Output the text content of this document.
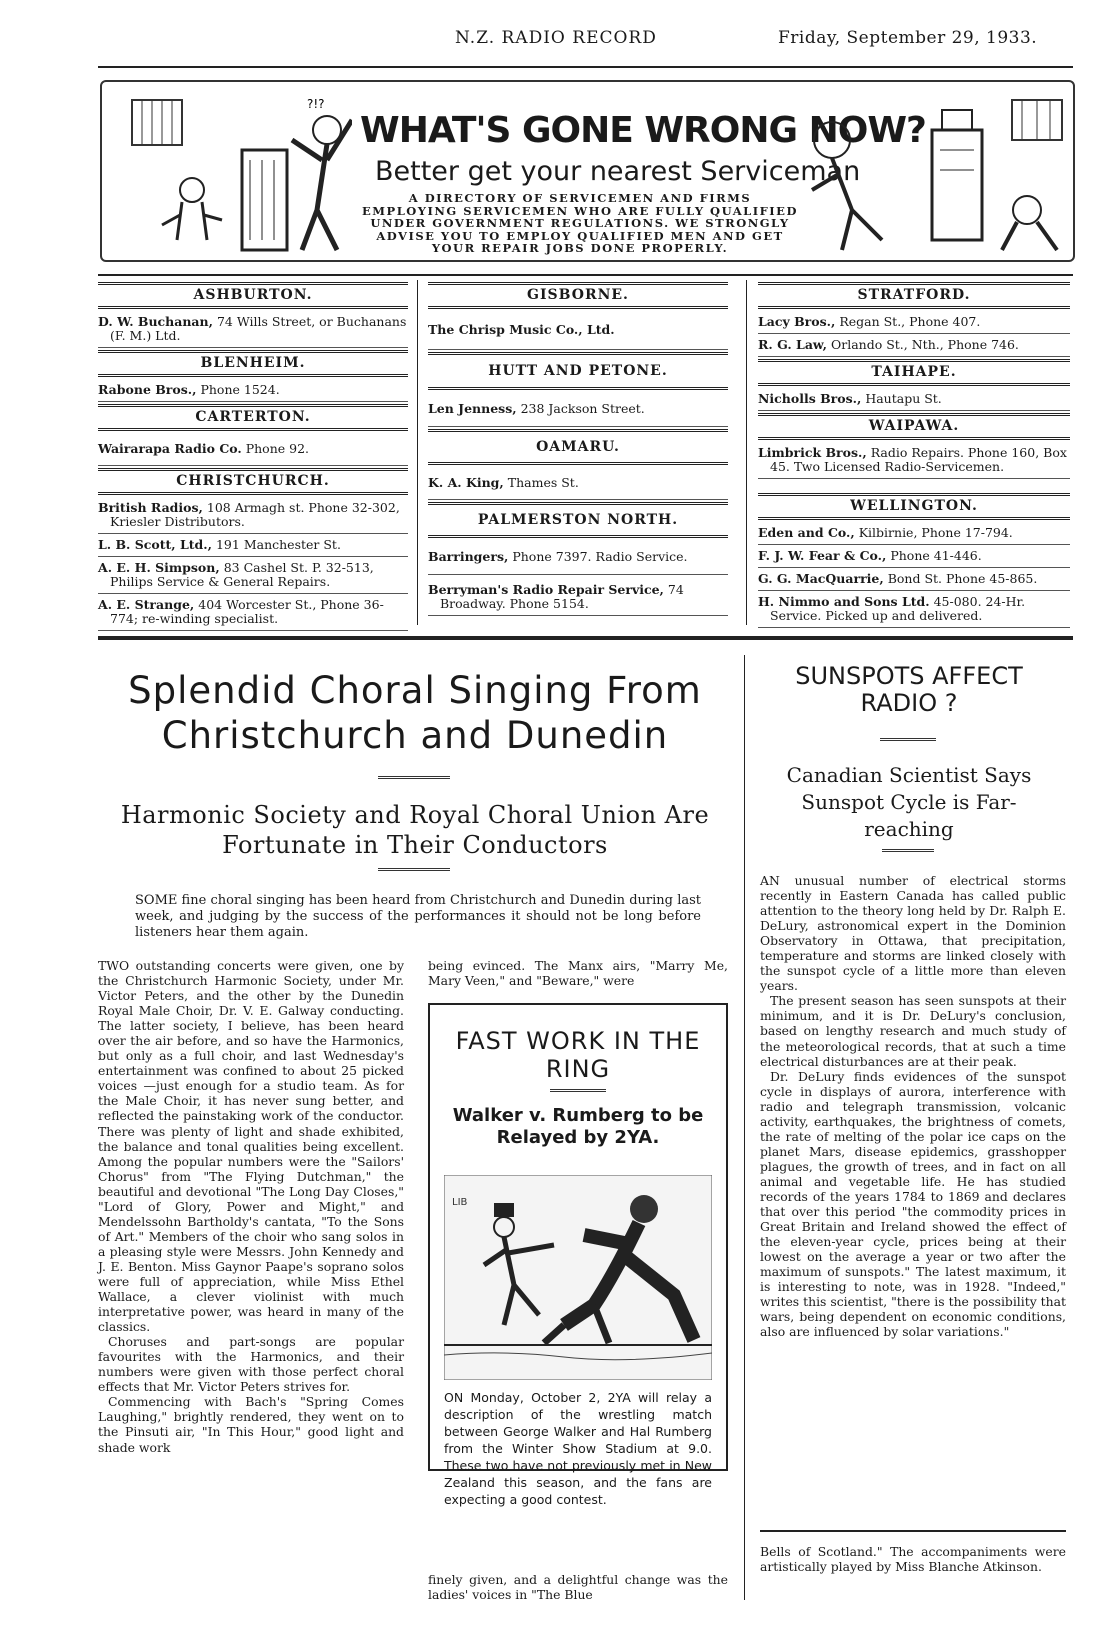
N.Z. RADIO RECORD	Friday, September 29, 1933.
?!?
WHAT'S GONE WRONG NOW?
Better get your nearest Serviceman
A DIRECTORY OF SERVICEMEN AND FIRMS EMPLOYING SERVICEMEN WHO ARE FULLY QUALIFIED UNDER GOVERNMENT REGULATIONS. WE STRONGLY ADVISE YOU TO EMPLOY QUALIFIED MEN AND GET YOUR REPAIR JOBS DONE PROPERLY.
ASHBURTON.
D. W. Buchanan, 74 Wills Street, or Buchanans (F. M.) Ltd.
BLENHEIM.
Rabone Bros., Phone 1524.
CARTERTON.
Wairarapa Radio Co. Phone 92.
CHRISTCHURCH.
British Radios, 108 Armagh st. Phone 32-302, Kriesler Distributors.
L. B. Scott, Ltd., 191 Manchester St.
A. E. H. Simpson, 83 Cashel St. P. 32-513, Philips Service & General Repairs.
A. E. Strange, 404 Worcester St., Phone 36-774; re-winding specialist.
GISBORNE.
The Chrisp Music Co., Ltd.
HUTT AND PETONE.
Len Jenness, 238 Jackson Street.
OAMARU.
K. A. King, Thames St.
PALMERSTON NORTH.
Barringers, Phone 7397. Radio Service.
Berryman's Radio Repair Service, 74 Broadway. Phone 5154.
STRATFORD.
Lacy Bros., Regan St., Phone 407.
R. G. Law, Orlando St., Nth., Phone 746.
TAIHAPE.
Nicholls Bros., Hautapu St.
WAIPAWA.
Limbrick Bros., Radio Repairs. Phone 160, Box 45. Two Licensed Radio-Servicemen.
WELLINGTON.
Eden and Co., Kilbirnie, Phone 17-794.
F. J. W. Fear & Co., Phone 41-446.
G. G. MacQuarrie, Bond St. Phone 45-865.
H. Nimmo and Sons Ltd. 45-080. 24-Hr. Service. Picked up and delivered.
Splendid Choral Singing From Christchurch and Dunedin
Harmonic Society and Royal Choral Union Are Fortunate in Their Conductors
SOME fine choral singing has been heard from Christchurch and Dunedin during last week, and judging by the success of the performances it should not be long before listeners hear them again.

TWO outstanding concerts were given, one by the Christchurch Harmonic Society, under Mr. Victor Peters, and the other by the Dunedin Royal Male Choir, Dr. V. E. Galway conducting. The latter society, I believe, has been heard over the air before, and so have the Harmonics, but only as a full choir, and last Wednesday's entertainment was confined to about 25 picked voices —just enough for a studio team. As for the Male Choir, it has never sung better, and reflected the painstaking work of the conductor. There was plenty of light and shade exhibited, the balance and tonal qualities being excellent. Among the popular numbers were the "Sailors' Chorus" from "The Flying Dutchman," the beautiful and devotional "The Long Day Closes," "Lord of Glory, Power and Might," and Mendelssohn Bartholdy's cantata, "To the Sons of Art." Members of the choir who sang solos in a pleasing style were Messrs. John Kennedy and J. E. Benton. Miss Gaynor Paape's soprano solos were full of appreciation, while Miss Ethel Wallace, a clever violinist with much interpretative power, was heard in many of the classics.

Choruses and part-songs are popular favourites with the Harmonics, and their numbers were given with those perfect choral effects that Mr. Victor Peters strives for.

Commencing with Bach's "Spring Comes Laughing," brightly rendered, they went on to the Pinsuti air, "In This Hour," good light and shade work

being evinced. The Manx airs, "Marry Me, Mary Veen," and "Beware," were
FAST WORK IN THE RING
Walker v. Rumberg to be Relayed by 2YA.
LIB
ON Monday, October 2, 2YA will relay a description of the wrestling match between George Walker and Hal Rumberg from the Winter Show Stadium at 9.0. These two have not previously met in New Zealand this season, and the fans are expecting a good contest.
finely given, and a delightful change was the ladies' voices in "The Blue
SUNSPOTS AFFECT RADIO ?
Canadian Scientist Says Sunspot Cycle is Far-reaching

AN unusual number of electrical storms recently in Eastern Canada has called public attention to the theory long held by Dr. Ralph E. DeLury, astronomical expert in the Dominion Observatory in Ottawa, that precipitation, temperature and storms are linked closely with the sunspot cycle of a little more than eleven years.

The present season has seen sunspots at their minimum, and it is Dr. DeLury's conclusion, based on lengthy research and much study of the meteorological records, that at such a time electrical disturbances are at their peak.

Dr. DeLury finds evidences of the sunspot cycle in displays of aurora, interference with radio and telegraph transmission, volcanic activity, earthquakes, the brightness of comets, the rate of melting of the polar ice caps on the planet Mars, disease epidemics, grasshopper plagues, the growth of trees, and in fact on all animal and vegetable life. He has studied records of the years 1784 to 1869 and declares that over this period "the commodity prices in Great Britain and Ireland showed the effect of the eleven-year cycle, prices being at their lowest on the average a year or two after the maximum of sunspots." The latest maximum, it is interesting to note, was in 1928. "Indeed," writes this scientist, "there is the possibility that wars, being dependent on economic conditions, also are influenced by solar variations."

Bells of Scotland." The accompaniments were artistically played by Miss Blanche Atkinson.
